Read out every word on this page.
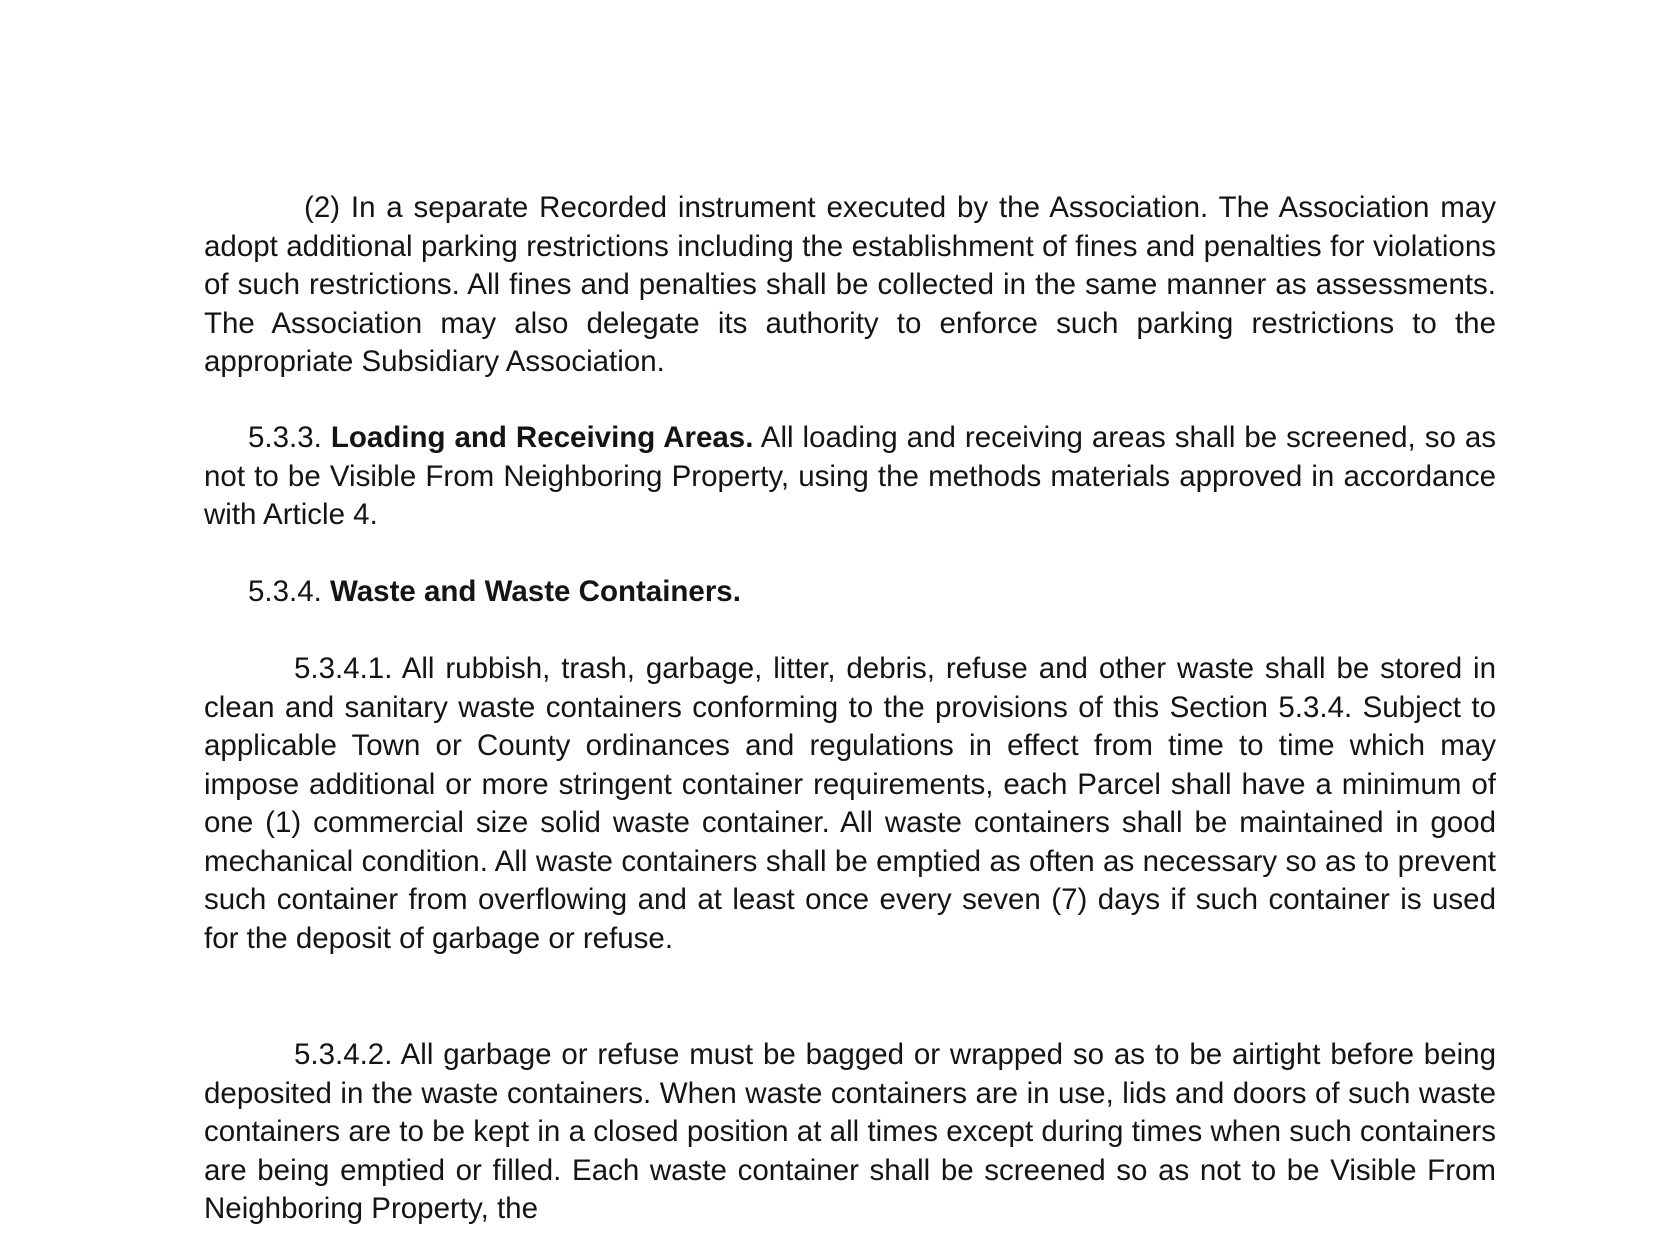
(2) In a separate Recorded instrument executed by the Association. The Association may adopt additional parking restrictions including the establishment of fines and penalties for violations of such restrictions. All fines and penalties shall be collected in the same manner as assessments. The Association may also delegate its authority to enforce such parking restrictions to the appropriate Subsidiary Association.

5.3.3. Loading and Receiving Areas. All loading and receiving areas shall be screened, so as not to be Visible From Neighboring Property, using the methods materials approved in accordance with Article 4.

5.3.4. Waste and Waste Containers.

5.3.4.1. All rubbish, trash, garbage, litter, debris, refuse and other waste shall be stored in clean and sanitary waste containers conforming to the provisions of this Section 5.3.4. Subject to applicable Town or County ordinances and regulations in effect from time to time which may impose additional or more stringent container requirements, each Parcel shall have a minimum of one (1) commercial size solid waste container. All waste containers shall be maintained in good mechanical condition. All waste containers shall be emptied as often as necessary so as to prevent such container from overflowing and at least once every seven (7) days if such container is used for the deposit of garbage or refuse.

5.3.4.2. All garbage or refuse must be bagged or wrapped so as to be airtight before being deposited in the waste containers. When waste containers are in use, lids and doors of such waste containers are to be kept in a closed position at all times except during times when such containers are being emptied or filled. Each waste container shall be screened so as not to be Visible From Neighboring Property, the
